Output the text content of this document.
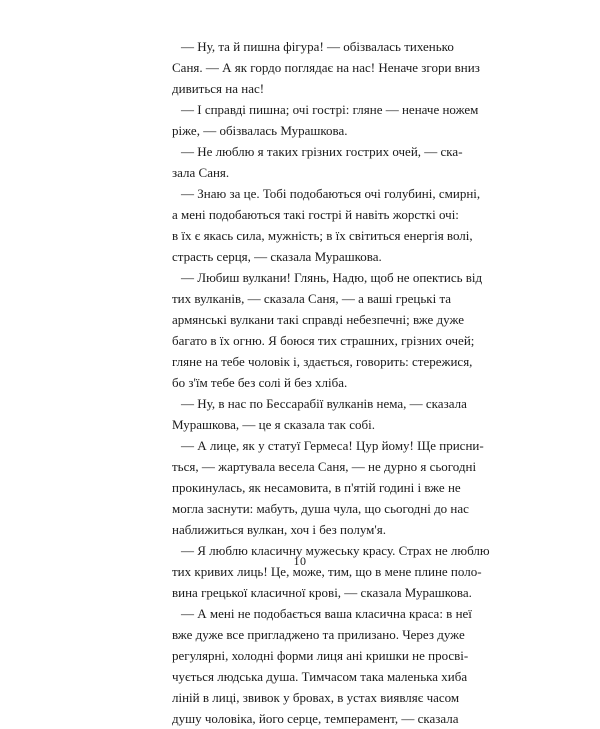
— Ну, та й пишна фігура! — обізвалась тихенько
Саня. — А як гордо поглядає на нас! Неначе згори вниз
дивиться на нас!
— І справді пишна; очі гострі: гляне — неначе ножем
ріже, — обізвалась Мурашкова.
— Не люблю я таких грізних гострих очей, — ска-
зала Саня.
— Знаю за це. Тобі подобаються очі голубині, смирні,
а мені подобаються такі гострі й навіть жорсткі очі:
в їх є якась сила, мужність; в їх світиться енергія волі,
страсть серця, — сказала Мурашкова.
— Любиш вулкани! Глянь, Надю, щоб не опектись від
тих вулканів, — сказала Саня, — а ваші грецькі та
армянські вулкани такі справді небезпечні; вже дуже
багато в їх огню. Я боюся тих страшних, грізних очей;
гляне на тебе чоловік і, здається, говорить: стережися,
бо з'їм тебе без солі й без хліба.
— Ну, в нас по Бессарабії вулканів нема, — сказала
Мурашкова, — це я сказала так собі.
— А лице, як у статуї Гермеса! Цур йому! Ще присни-
ться, — жартувала весела Саня, — не дурно я сьогодні
прокинулась, як несамовита, в п'ятій годині і вже не
могла заснути: мабуть, душа чула, що сьогодні до нас
наближиться вулкан, хоч і без полум'я.
— Я люблю класичну мужеську красу. Страх не люблю
тих кривих лиць! Це, може, тим, що в мене плине поло-
вина грецької класичної крові, — сказала Мурашкова.
— А мені не подобається ваша класична краса: в неї
вже дуже все пригладжено та прилизано. Через дуже
регулярні, холодні форми лиця ані кришки не просві-
чується людська душа. Тимчасом така маленька хиба
ліній в лиці, звивок у бровах, в устах виявляє часом
душу чоловіка, його серце, темперамент, — сказала
10
